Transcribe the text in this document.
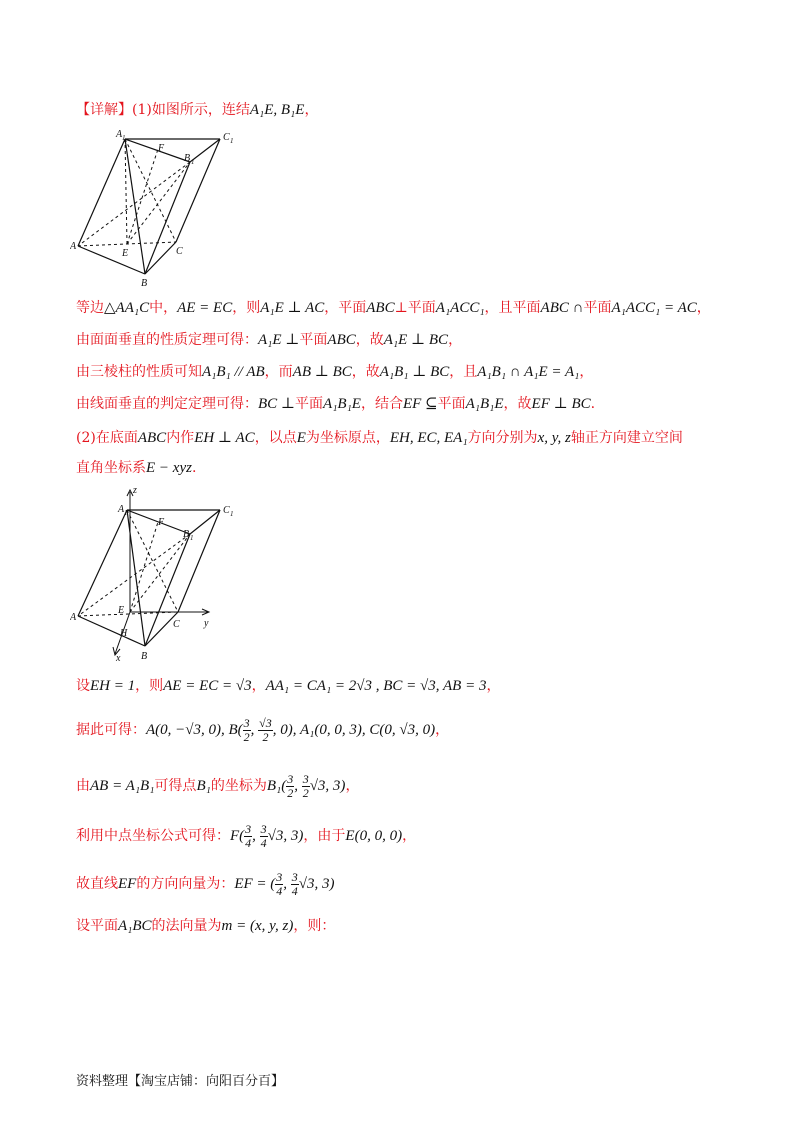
【详解】(1)如图所示，连结A₁E, B₁E，
A 1	C 1
F
B 1
A
E	C
B
等边△AA₁C中，AE = EC，则A₁E ⊥ AC，平面ABC⊥平面A₁ACC₁，且平面ABC ∩平面A₁ACC₁ = AC，
由面面垂直的性质定理可得：A₁E ⊥平面ABC，故A₁E ⊥ BC，
由三棱柱的性质可知A₁B₁ // AB，而AB ⊥ BC，故A₁B₁ ⊥ BC，且A₁B₁ ∩ A₁E = A₁，
由线面垂直的判定定理可得：BC ⊥平面A₁B₁E，结合EF ⊆平面A₁B₁E，故EF ⊥ BC.
(2)在底面ABC内作EH ⊥ AC，以点E为坐标原点，EH, EC, EA₁方向分别为x, y, z轴正方向建立空间
直角坐标系E − xyz.
z
A 1	C 1
F
B 1
A
E
C y
H
x B
设EH = 1，则AE = EC = √3，AA₁ = CA₁ = 2√3 , BC = √3, AB = 3，
据此可得：A(0, −√3, 0), $B( \frac{3}{2}$ , $\frac{√3}{2}$ , 0), A₁(0, 0, 3), C(0, √3, 0)，
由AB = A₁B₁可得点B₁的坐标为$B_1( \frac{3}{2}$ , $\frac{3}{2} √3$, 3)，
利用中点坐标公式可得：$F( \frac{3}{4}$ , $\frac{3}{4} √3$, 3)，由于E(0, 0, 0)，
故直线EF的方向向量为：EF = ( $\frac{3}{4}$ , $\frac{3}{4} √3$, 3)
设平面A₁BC的法向量为m = (x, y, z)，则：
资料整理【淘宝店铺：向阳百分百】
